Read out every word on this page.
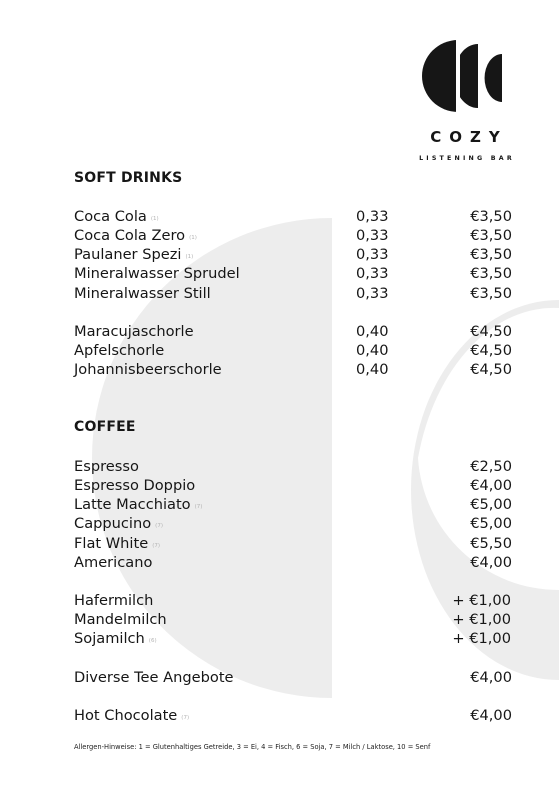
COZY
LISTENING BAR
SOFT DRINKS
Coca Cola (1)	0,33	€3,50
Coca Cola Zero (1)	0,33	€3,50
Paulaner Spezi (1)	0,33	€3,50
Mineralwasser Sprudel	0,33	€3,50
Mineralwasser Still	0,33	€3,50
Maracujaschorle	0,40	€4,50
Apfelschorle	0,40	€4,50
Johannisbeerschorle	0,40	€4,50
COFFEE
Espresso	€2,50
Espresso Doppio	€4,00
Latte Macchiato (7)	€5,00
Cappucino (7)	€5,00
Flat White (7)	€5,50
Americano	€4,00
Hafermilch	+ €1,00
Mandelmilch	+ €1,00
Sojamilch (6)	+ €1,00
Diverse Tee Angebote	€4,00
Hot Chocolate (7)	€4,00
Allergen-Hinweise: 1 = Glutenhaltiges Getreide, 3 = Ei, 4 = Fisch, 6 = Soja, 7 = Milch / Laktose, 10 = Senf
